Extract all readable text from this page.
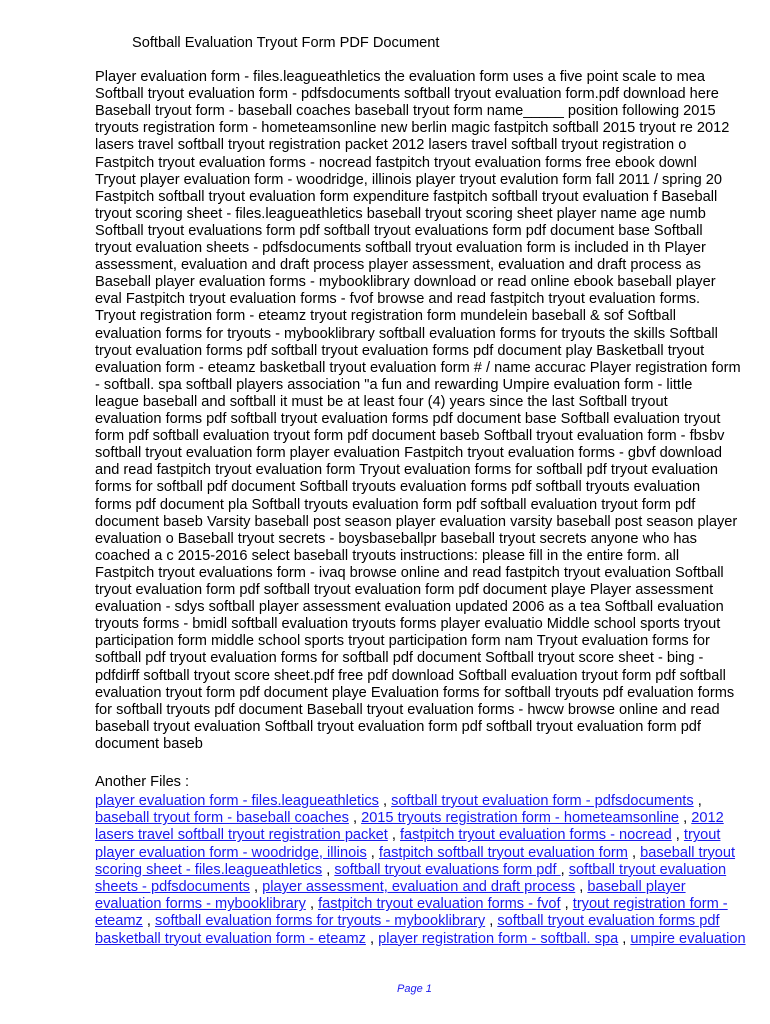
Softball Evaluation Tryout Form PDF Document
Player evaluation form - files.leagueathletics the evaluation form uses a five point scale to mea
Softball tryout evaluation form - pdfsdocuments softball tryout evaluation form.pdf download here
Baseball tryout form - baseball coaches baseball tryout form name_____ position following 2015
tryouts registration form - hometeamsonline new berlin magic fastpitch softball 2015 tryout re 2012
lasers travel softball tryout registration packet 2012 lasers travel softball tryout registration o
Fastpitch tryout evaluation forms - nocread fastpitch tryout evaluation forms free ebook downl
Tryout player evaluation form - woodridge, illinois player tryout evalution form fall 2011 / spring 20
Fastpitch softball tryout evaluation form expenditure fastpitch softball tryout evaluation f Baseball
tryout scoring sheet - files.leagueathletics baseball tryout scoring sheet player name age numb
Softball tryout evaluations form pdf softball tryout evaluations form pdf document base Softball
tryout evaluation sheets - pdfsdocuments softball tryout evaluation form is included in th Player
assessment, evaluation and draft process player assessment, evaluation and draft process as
Baseball player evaluation forms - mybooklibrary download or read online ebook baseball player
eval Fastpitch tryout evaluation forms - fvof browse and read fastpitch tryout evaluation forms.
Tryout registration form - eteamz tryout registration form mundelein baseball & sof Softball
evaluation forms for tryouts - mybooklibrary softball evaluation forms for tryouts the skills Softball
tryout evaluation forms pdf softball tryout evaluation forms pdf document play Basketball tryout
evaluation form - eteamz basketball tryout evaluation form # / name accurac Player registration form
- softball. spa softball players association "a fun and rewarding Umpire evaluation form - little
league baseball and softball it must be at least four (4) years since the last Softball tryout
evaluation forms pdf softball tryout evaluation forms pdf document base Softball evaluation tryout
form pdf softball evaluation tryout form pdf document baseb Softball tryout evaluation form - fbsbv
softball tryout evaluation form player evaluation Fastpitch tryout evaluation forms - gbvf download
and read fastpitch tryout evaluation form Tryout evaluation forms for softball pdf tryout evaluation
forms for softball pdf document Softball tryouts evaluation forms pdf softball tryouts evaluation
forms pdf document pla Softball tryouts evaluation form pdf softball evaluation tryout form pdf
document baseb Varsity baseball post season player evaluation varsity baseball post season player
evaluation o Baseball tryout secrets - boysbaseballpr baseball tryout secrets anyone who has
coached a c 2015-2016 select baseball tryouts instructions: please fill in the entire form. all
Fastpitch tryout evaluations form - ivaq browse online and read fastpitch tryout evaluation Softball
tryout evaluation form pdf softball tryout evaluation form pdf document playe Player assessment
evaluation - sdys softball player assessment evaluation updated 2006 as a tea Softball evaluation
tryouts forms - bmidl softball evaluation tryouts forms player evaluatio Middle school sports tryout
participation form middle school sports tryout participation form nam Tryout evaluation forms for
softball pdf tryout evaluation forms for softball pdf document Softball tryout score sheet - bing -
pdfdirff softball tryout score sheet.pdf free pdf download Softball evaluation tryout form pdf softball
evaluation tryout form pdf document playe Evaluation forms for softball tryouts pdf evaluation forms
for softball tryouts pdf document Baseball tryout evaluation forms - hwcw browse online and read
baseball tryout evaluation Softball tryout evaluation form pdf softball tryout evaluation form pdf
document baseb
Another Files :
player evaluation form - files.leagueathletics , softball tryout evaluation form - pdfsdocuments ,
baseball tryout form - baseball coaches , 2015 tryouts registration form - hometeamsonline , 2012
lasers travel softball tryout registration packet , fastpitch tryout evaluation forms - nocread , tryout
player evaluation form - woodridge, illinois , fastpitch softball tryout evaluation form , baseball tryout
scoring sheet - files.leagueathletics , softball tryout evaluations form pdf , softball tryout evaluation
sheets - pdfsdocuments , player assessment, evaluation and draft process , baseball player
evaluation forms - mybooklibrary , fastpitch tryout evaluation forms - fvof , tryout registration form -
eteamz , softball evaluation forms for tryouts - mybooklibrary , softball tryout evaluation forms pdf
basketball tryout evaluation form - eteamz , player registration form - softball. spa , umpire evaluation
Page 1
